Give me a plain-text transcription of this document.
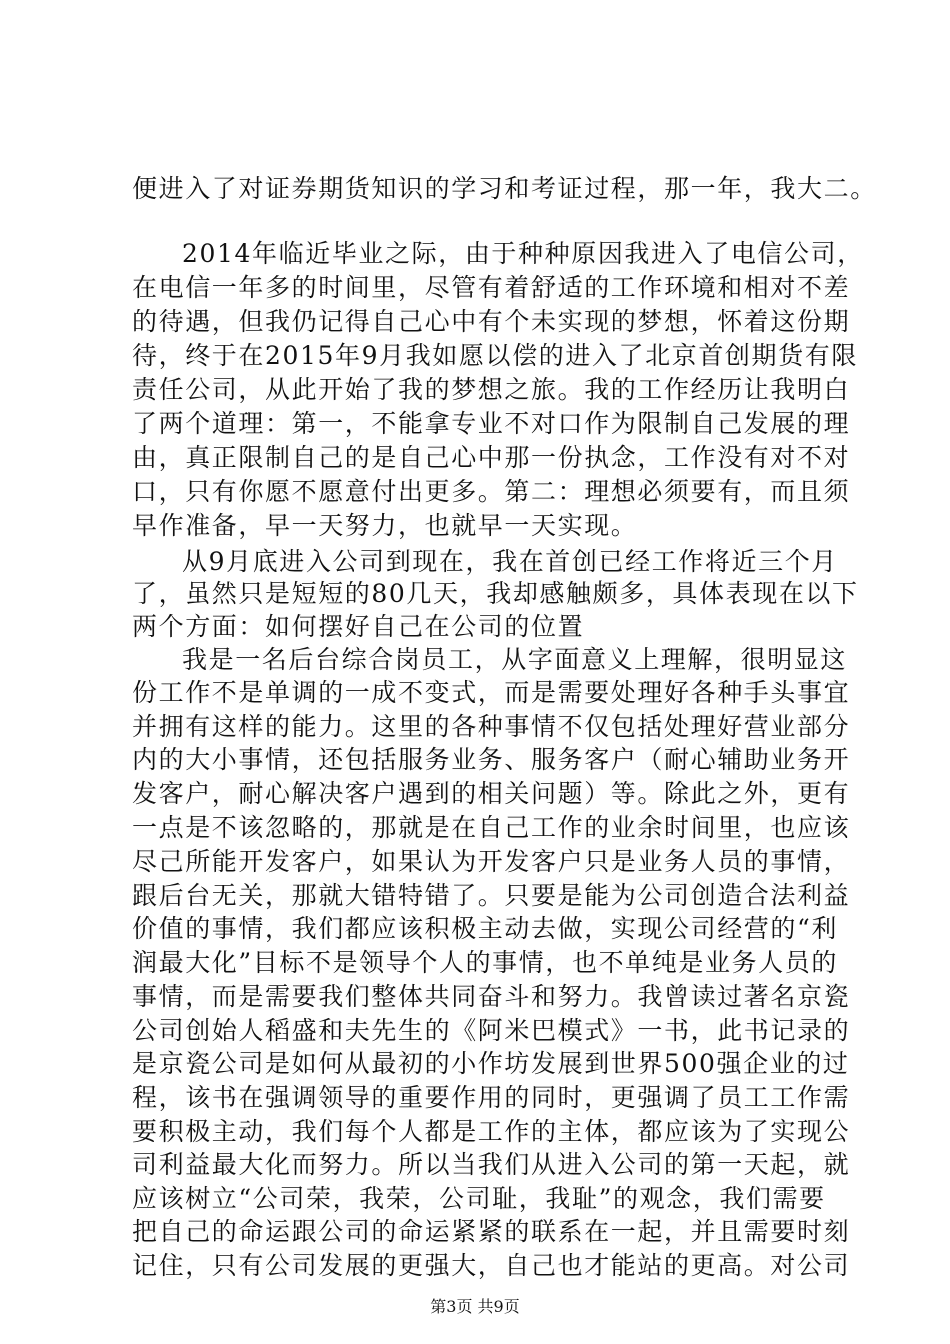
便进入了对证券期货知识的学习和考证过程，那一年，我大二。
2014年临近毕业之际，由于种种原因我进入了电信公司，
在电信一年多的时间里，尽管有着舒适的工作环境和相对不差
的待遇，但我仍记得自己心中有个未实现的梦想，怀着这份期
待，终于在2015年9月我如愿以偿的进入了北京首创期货有限
责任公司，从此开始了我的梦想之旅。我的工作经历让我明白
了两个道理：第一，不能拿专业不对口作为限制自己发展的理
由，真正限制自己的是自己心中那一份执念，工作没有对不对
口，只有你愿不愿意付出更多。第二：理想必须要有，而且须
早作准备，早一天努力，也就早一天实现。
从9月底进入公司到现在，我在首创已经工作将近三个月
了，虽然只是短短的80几天，我却感触颇多，具体表现在以下
两个方面：如何摆好自己在公司的位置
我是一名后台综合岗员工，从字面意义上理解，很明显这
份工作不是单调的一成不变式，而是需要处理好各种手头事宜
并拥有这样的能力。这里的各种事情不仅包括处理好营业部分
内的大小事情，还包括服务业务、服务客户（耐心辅助业务开
发客户，耐心解决客户遇到的相关问题）等。除此之外，更有
一点是不该忽略的，那就是在自己工作的业余时间里，也应该
尽己所能开发客户，如果认为开发客户只是业务人员的事情，
跟后台无关，那就大错特错了。只要是能为公司创造合法利益
价值的事情，我们都应该积极主动去做，实现公司经营的“利
润最大化”目标不是领导个人的事情，也不单纯是业务人员的
事情，而是需要我们整体共同奋斗和努力。我曾读过著名京瓷
公司创始人稻盛和夫先生的《阿米巴模式》一书，此书记录的
是京瓷公司是如何从最初的小作坊发展到世界500强企业的过
程，该书在强调领导的重要作用的同时，更强调了员工工作需
要积极主动，我们每个人都是工作的主体，都应该为了实现公
司利益最大化而努力。所以当我们从进入公司的第一天起，就
应该树立“公司荣，我荣，公司耻，我耻”的观念，我们需要
把自己的命运跟公司的命运紧紧的联系在一起，并且需要时刻
记住，只有公司发展的更强大，自己也才能站的更高。对公司
第3页 共9页
